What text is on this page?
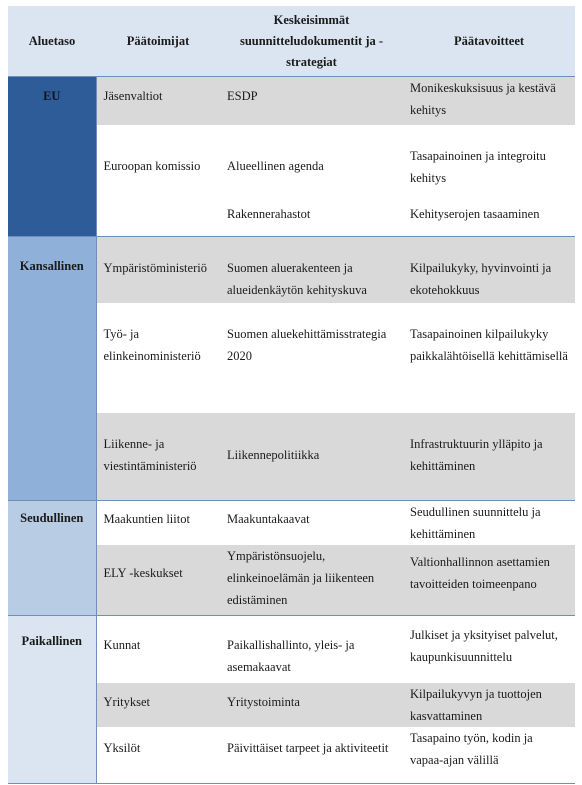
Aluetaso	Päätoimijat	Keskeisimmät suunnitteludokumentit ja -strategiat	Päätavoitteet

EU	Jäsenvaltiot	ESDP	Monikeskuksisuus ja kestävä kehitys

	Euroopan komissio	Alueellinen agenda	Tasapainoinen ja integroitu kehitys

		Rakennerahastot	Kehityserojen tasaaminen

Kansallinen	Ympäristöministeriö	Suomen aluerakenteen ja alueidenkäytön kehityskuva	Kilpailukyky, hyvinvointi ja ekotehokkuus

	Työ- ja elinkeinoministeriö	Suomen aluekehittämisstrategia 2020	Tasapainoinen kilpailukyky paikkalähtöisellä kehittämisellä

	Liikenne- ja viestintäministeriö	Liikennepolitiikka	Infrastruktuurin ylläpito ja kehittäminen

Seudullinen	Maakuntien liitot	Maakuntakaavat	Seudullinen suunnittelu ja kehittäminen

	ELY -keskukset	Ympäristönsuojelu, elinkeinoelämän ja liikenteen edistäminen	Valtionhallinnon asettamien tavoitteiden toimeenpano

Paikallinen	Kunnat	Paikallishallinto, yleis- ja asemakaavat	Julkiset ja yksityiset palvelut, kaupunkisuunnittelu

	Yritykset	Yritystoiminta	Kilpailukyvyn ja tuottojen kasvattaminen

	Yksilöt	Päivittäiset tarpeet ja aktiviteetit	Tasapaino työn, kodin ja vapaa-ajan välillä
